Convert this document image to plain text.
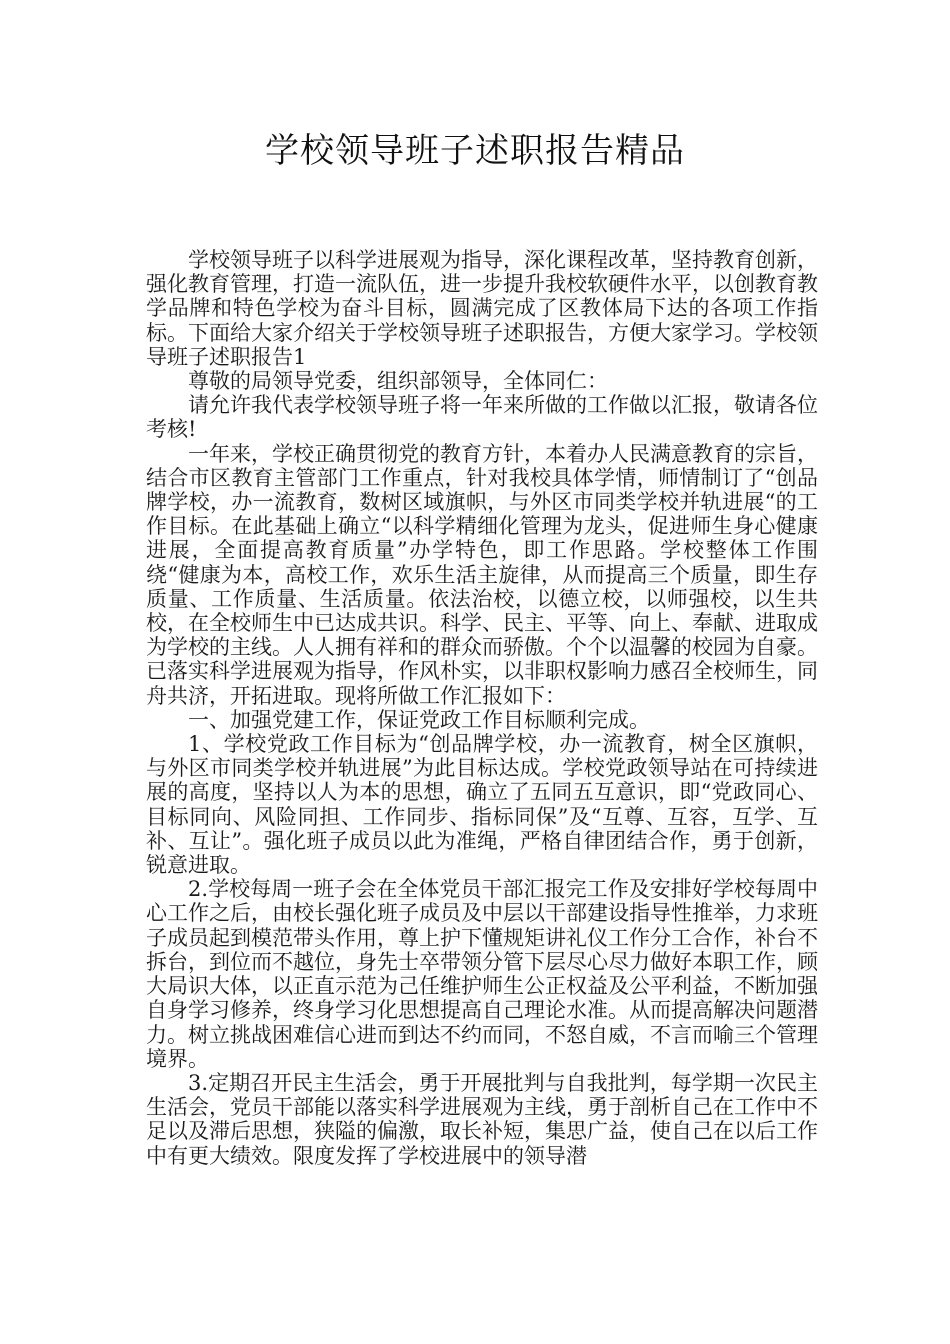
学校领导班子述职报告精品

学校领导班子以科学进展观为指导，深化课程改革，坚持教育创新，强化教育管理，打造一流队伍，进一步提升我校软硬件水平，以创教育教学品牌和特色学校为奋斗目标，圆满完成了区教体局下达的各项工作指标。下面给大家介绍关于学校领导班子述职报告，方便大家学习。学校领导班子述职报告1

尊敬的局领导党委，组织部领导，全体同仁：

请允许我代表学校领导班子将一年来所做的工作做以汇报，敬请各位考核!

一年来，学校正确贯彻党的教育方针，本着办人民满意教育的宗旨，结合市区教育主管部门工作重点，针对我校具体学情，师情制订了“创品牌学校，办一流教育，数树区域旗帜，与外区市同类学校并轨进展“的工作目标。在此基础上确立“以科学精细化管理为龙头，促进师生身心健康进展，全面提高教育质量”办学特色，即工作思路。学校整体工作围绕“健康为本，高校工作，欢乐生活主旋律，从而提高三个质量，即生存质量、工作质量、生活质量。依法治校，以德立校，以师强校，以生共校，在全校师生中已达成共识。科学、民主、平等、向上、奉献、进取成为学校的主线。人人拥有祥和的群众而骄傲。个个以温馨的校园为自豪。已落实科学进展观为指导，作风朴实，以非职权影响力感召全校师生，同舟共济，开拓进取。现将所做工作汇报如下：

一、加强党建工作，保证党政工作目标顺利完成。

1、学校党政工作目标为“创品牌学校，办一流教育，树全区旗帜，与外区市同类学校并轨进展”为此目标达成。学校党政领导站在可持续进展的高度，坚持以人为本的思想，确立了五同五互意识，即“党政同心、目标同向、风险同担、工作同步、指标同保”及“互尊、互容，互学、互补、互让”。强化班子成员以此为准绳，严格自律团结合作，勇于创新，锐意进取。

2.学校每周一班子会在全体党员干部汇报完工作及安排好学校每周中心工作之后，由校长强化班子成员及中层以干部建设指导性推举，力求班子成员起到模范带头作用，尊上护下懂规矩讲礼仪工作分工合作，补台不拆台，到位而不越位，身先士卒带领分管下层尽心尽力做好本职工作，顾大局识大体，以正直示范为己任维护师生公正权益及公平利益，不断加强自身学习修养，终身学习化思想提高自己理论水准。从而提高解决问题潜力。树立挑战困难信心进而到达不约而同，不怒自威，不言而喻三个管理境界。

3.定期召开民主生活会，勇于开展批判与自我批判，每学期一次民主生活会，党员干部能以落实科学进展观为主线，勇于剖析自己在工作中不足以及滞后思想，狭隘的偏激，取长补短，集思广益，使自己在以后工作中有更大绩效。限度发挥了学校进展中的领导潜
